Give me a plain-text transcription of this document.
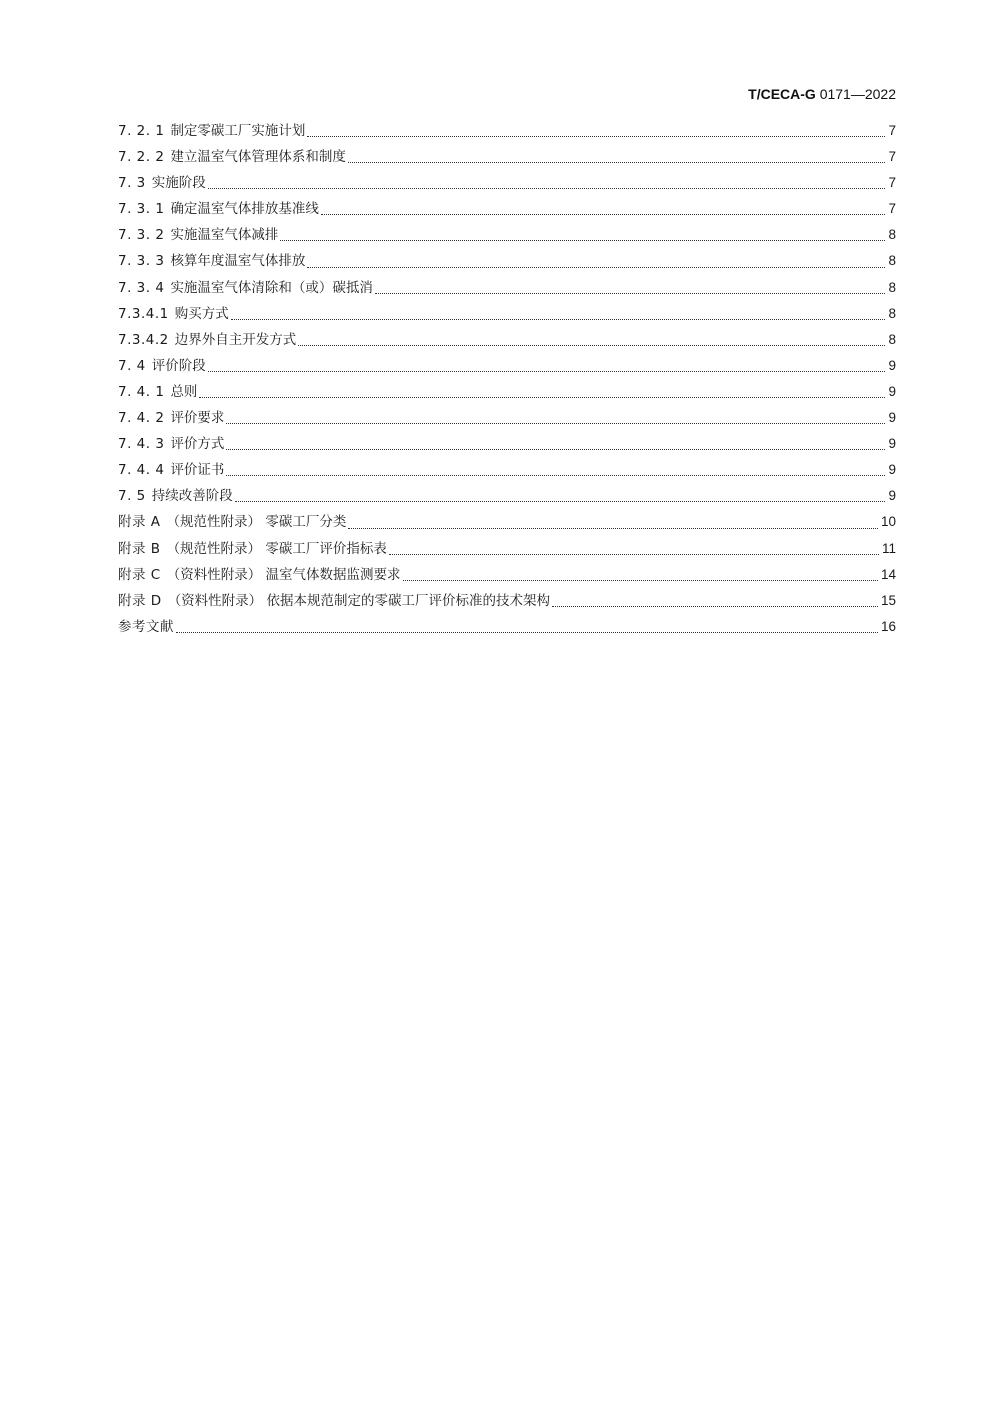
T/CECA-G 0171—2022
7. 2. 1 制定零碳工厂实施计划	7
7. 2. 2 建立温室气体管理体系和制度	7
7. 3 实施阶段	7
7. 3. 1 确定温室气体排放基准线	7
7. 3. 2 实施温室气体减排	8
7. 3. 3 核算年度温室气体排放	8
7. 3. 4 实施温室气体清除和（或）碳抵消	8
7.3.4.1 购买方式	8
7.3.4.2 边界外自主开发方式	8
7. 4 评价阶段	9
7. 4. 1 总则	9
7. 4. 2 评价要求	9
7. 4. 3 评价方式	9
7. 4. 4 评价证书	9
7. 5 持续改善阶段	9
附录 A （规范性附录） 零碳工厂分类	10
附录 B （规范性附录） 零碳工厂评价指标表	11
附录 C （资料性附录） 温室气体数据监测要求	14
附录 D （资料性附录） 依据本规范制定的零碳工厂评价标准的技术架构	15
参考文献	16
